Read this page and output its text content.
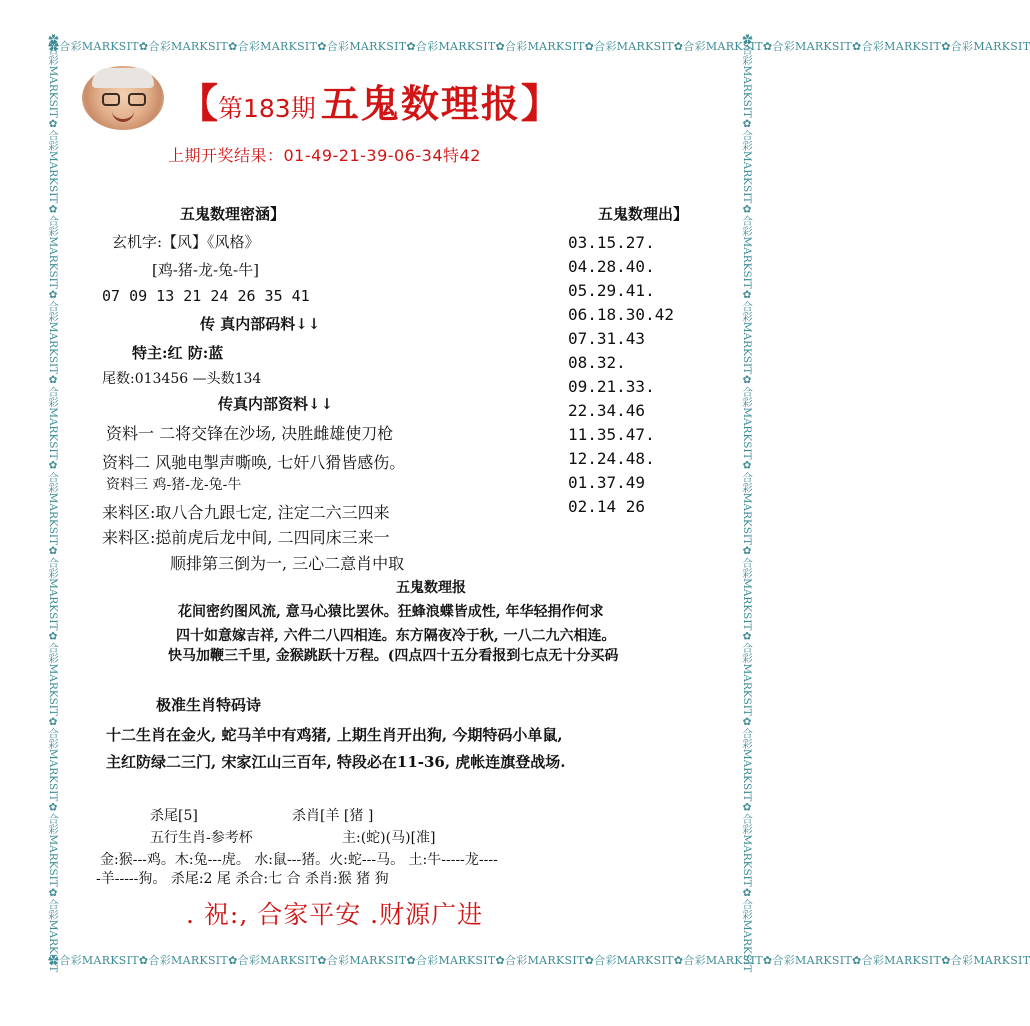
✿合彩MARKSIT✿合彩MARKSIT✿合彩MARKSIT✿合彩MARKSIT✿合彩MARKSIT✿合彩MARKSIT✿合彩MARKSIT✿合彩MARKSIT✿合彩MARKSIT✿合彩MARKSIT✿合彩MARKSIT
✿合彩MARKSIT✿合彩MARKSIT✿合彩MARKSIT✿合彩MARKSIT✿合彩MARKSIT✿合彩MARKSIT✿合彩MARKSIT✿合彩MARKSIT✿合彩MARKSIT✿合彩MARKSIT✿合彩MARKSIT
✿合彩MARKSIT✿合彩MARKSIT✿合彩MARKSIT✿合彩MARKSIT✿合彩MARKSIT✿合彩MARKSIT✿合彩MARKSIT✿合彩MARKSIT✿合彩MARKSIT✿合彩MARKSIT✿合彩MARKSIT	✿合彩MARKSIT✿合彩MARKSIT✿合彩MARKSIT✿合彩MARKSIT✿合彩MARKSIT✿合彩MARKSIT✿合彩MARKSIT✿合彩MARKSIT✿合彩MARKSIT✿合彩MARKSIT✿合彩MARKSIT
【第183期 五鬼数理报】
上期开奖结果：01-49-21-39-06-34特42
五鬼数理密涵】
玄机字:【风】《风格》
[鸡-猪-龙-兔-牛]
07 09 13 21 24 26 35 41
传 真内部码料↓↓
特主:红 防:蓝
尾数:013456 —头数134
传真内部资料↓↓
资料一 二将交锋在沙场, 决胜雌雄使刀枪
资料二 风驰电掣声嘶唤, 七奸八猾皆感伤。
资料三 鸡-猪-龙-兔-牛
来料区:取八合九跟七定, 注定二六三四来
来料区:搃前虎后龙中间, 二四同床三来一
顺排第三倒为一, 三心二意肖中取
五鬼数理出】
03.15.27.
04.28.40.
05.29.41.
06.18.30.42
07.31.43
08.32.
09.21.33.
22.34.46
11.35.47.
12.24.48.
01.37.49
02.14 26
五鬼数理报
花间密约图风流, 意马心猿比罢休。狂蜂浪蝶皆成性, 年华轻捐作何求
四十如意嫁吉祥, 六件二八四相连。东方隔夜冷于秋, 一八二九六相连。
快马加鞭三千里, 金猴跳跃十万程。(四点四十五分看报到七点无十分买码
极准生肖特码诗
十二生肖在金火, 蛇马羊中有鸡猪, 上期生肖开出狗, 今期特码小单鼠,
主红防绿二三门, 宋家江山三百年, 特段必在11-36, 虎帐连旗登战场.
杀尾[5]	杀肖[羊 [猪 ]
五行生肖-参考杯	主:(蛇)(马)[准]
金:猴---鸡。木:兔---虎。 水:鼠---猪。火:蛇---马。 土:牛-----龙----
-羊-----狗。 杀尾:2 尾 杀合:七 合 杀肖:猴 猪 狗
. 祝:, 合家平安 .财源广进
